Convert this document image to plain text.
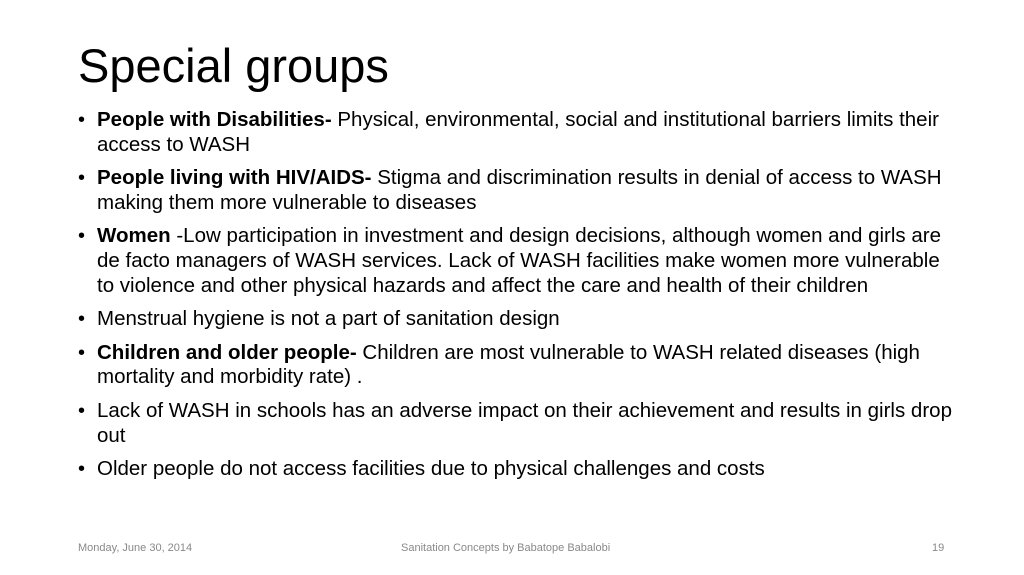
Special groups
• People with Disabilities- Physical, environmental, social and institutional barriers limits their access to WASH
• People living with HIV/AIDS- Stigma and discrimination results in denial of access to WASH making them more vulnerable to diseases
• Women -Low participation in investment and design decisions, although women and girls are de facto managers of WASH services. Lack of WASH facilities make women more vulnerable to violence and other physical hazards and affect the care and health of their children
• Menstrual hygiene is not a part of sanitation design
• Children and older people- Children are most vulnerable to WASH related diseases (high mortality and morbidity rate) .
• Lack of WASH in schools has an adverse impact on their achievement and results in girls drop out
• Older people do not access facilities due to physical challenges and costs
Monday, June 30, 2014	Sanitation Concepts by Babatope Babalobi	19
